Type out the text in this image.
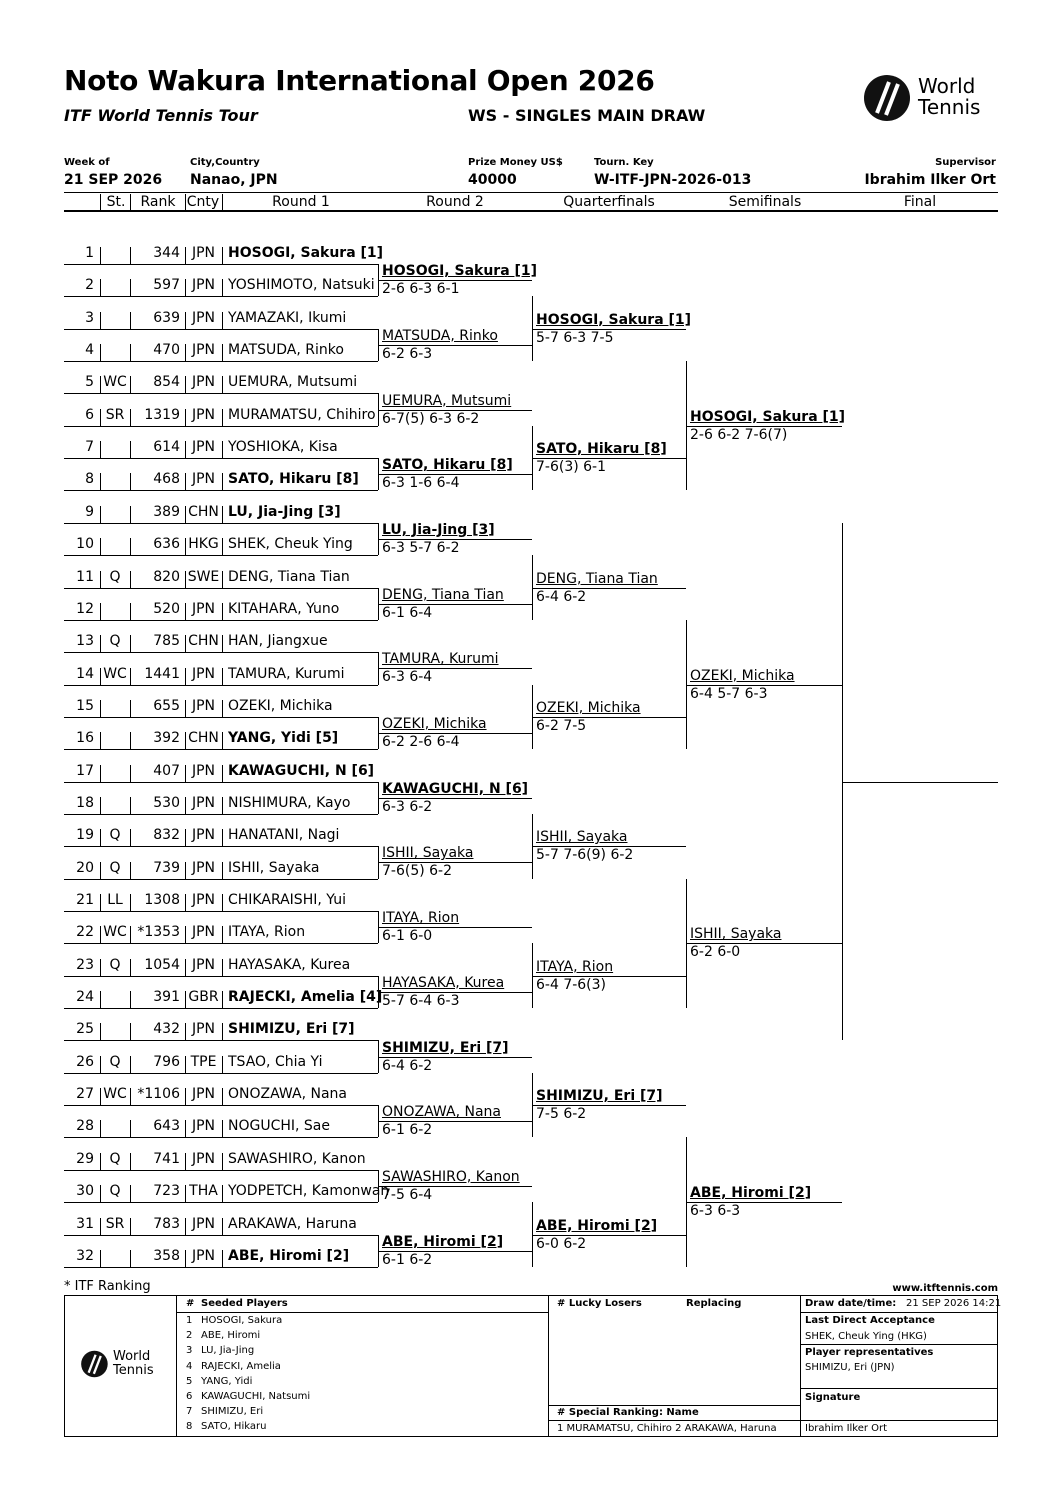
Noto Wakura International Open 2026
ITF World Tennis Tour	WS - SINGLES MAIN DRAW
World
Tennis
Week of
21 SEP 2026
City,Country
Nanao, JPN
Prize Money US$
40000
Tourn. Key
W-ITF-JPN-2026-013
Supervisor
Ibrahim Ilker Ort
St.	Rank Cnty	Round 1	Round 2	Quarterfinals	Semifinals	Final
1	344 JPN HOSOGI, Sakura [1]
2	597 JPN YOSHIMOTO, Natsuki
3	639 JPN YAMAZAKI, Ikumi
4	470 JPN MATSUDA, Rinko
5 WC	854 JPN UEMURA, Mutsumi
6 SR	1319 JPN MURAMATSU, Chihiro
7	614 JPN YOSHIOKA, Kisa
8	468 JPN SATO, Hikaru [8]
9	389 CHN LU, Jia-Jing [3]
10	636 HKG SHEK, Cheuk Ying
11	Q	820 SWE DENG, Tiana Tian
12	520 JPN KITAHARA, Yuno
13	Q	785 CHN HAN, Jiangxue
14 WC	1441 JPN TAMURA, Kurumi
15	655 JPN OZEKI, Michika
16	392 CHN YANG, Yidi [5]
17	407 JPN KAWAGUCHI, N [6]
18	530 JPN NISHIMURA, Kayo
19	Q	832 JPN HANATANI, Nagi
20	Q	739 JPN ISHII, Sayaka
21 LL	1308 JPN CHIKARAISHI, Yui
22 WC *1353 JPN ITAYA, Rion
23	Q	1054 JPN HAYASAKA, Kurea
24	391 GBR RAJECKI, Amelia [4]
25	432 JPN SHIMIZU, Eri [7]
26	Q	796 TPE TSAO, Chia Yi
27 WC *1106 JPN ONOZAWA, Nana
28	643 JPN NOGUCHI, Sae
29	Q	741 JPN SAWASHIRO, Kanon
30	Q	723 THA YODPETCH, Kamonwan
31 SR	783 JPN ARAKAWA, Haruna
32	358 JPN ABE, Hiromi [2]
HOSOGI, Sakura [1]
2-6 6-3 6-1
MATSUDA, Rinko
6-2 6-3
UEMURA, Mutsumi
6-7(5) 6-3 6-2
SATO, Hikaru [8]
6-3 1-6 6-4
LU, Jia-Jing [3]
6-3 5-7 6-2
DENG, Tiana Tian
6-1 6-4
TAMURA, Kurumi
6-3 6-4
OZEKI, Michika
6-2 2-6 6-4
KAWAGUCHI, N [6]
6-3 6-2
ISHII, Sayaka
7-6(5) 6-2
ITAYA, Rion
6-1 6-0
HAYASAKA, Kurea
5-7 6-4 6-3
SHIMIZU, Eri [7]
6-4 6-2
ONOZAWA, Nana
6-1 6-2
SAWASHIRO, Kanon
7-5 6-4
ABE, Hiromi [2]
6-1 6-2
HOSOGI, Sakura [1]
5-7 6-3 7-5
SATO, Hikaru [8]
7-6(3) 6-1
DENG, Tiana Tian
6-4 6-2
OZEKI, Michika
6-2 7-5
ISHII, Sayaka
5-7 7-6(9) 6-2
ITAYA, Rion
6-4 7-6(3)
SHIMIZU, Eri [7]
7-5 6-2
ABE, Hiromi [2]
6-0 6-2
HOSOGI, Sakura [1]
2-6 6-2 7-6(7)
OZEKI, Michika
6-4 5-7 6-3
ISHII, Sayaka
6-2 6-0
ABE, Hiromi [2]
6-3 6-3
* ITF Ranking	www.itftennis.com
World
Tennis
# Seeded Players
1 HOSOGI, Sakura
2 ABE, Hiromi
3 LU, Jia-Jing
4 RAJECKI, Amelia
5 YANG, Yidi
6 KAWAGUCHI, Natsumi
7 SHIMIZU, Eri
8 SATO, Hikaru
# Lucky Losers	Replacing
# Special Ranking: Name
1 MURAMATSU, Chihiro 2 ARAKAWA, Haruna
Draw date/time: 21 SEP 2026 14:21
Last Direct Acceptance
SHEK, Cheuk Ying (HKG)
Player representatives
SHIMIZU, Eri (JPN)
Signature
Ibrahim Ilker Ort
